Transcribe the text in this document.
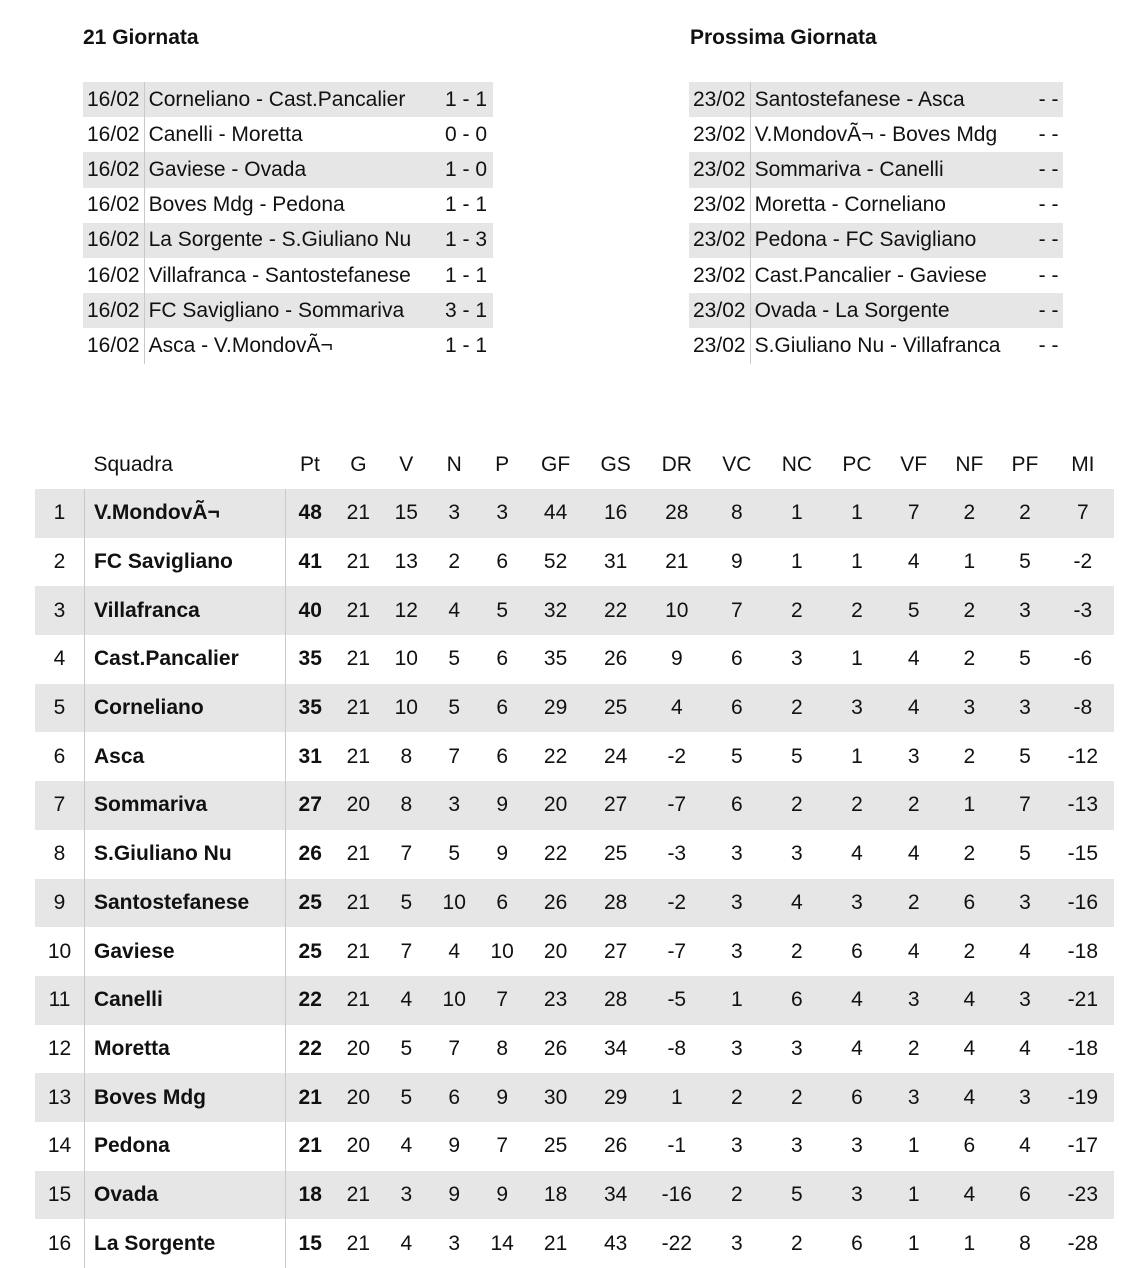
21 Giornata	Prossima Giornata
16/02	Corneliano - Cast.Pancalier	1 - 1
16/02	Canelli - Moretta	0 - 0
16/02	Gaviese - Ovada	1 - 0
16/02	Boves Mdg - Pedona	1 - 1
16/02	La Sorgente - S.Giuliano Nu	1 - 3
16/02	Villafranca - Santostefanese	1 - 1
16/02	FC Savigliano - Sommariva	3 - 1
16/02	Asca - V.MondovÃ¬	1 - 1
23/02	Santostefanese - Asca	- -
23/02	V.MondovÃ¬ - Boves Mdg	- -
23/02	Sommariva - Canelli	- -
23/02	Moretta - Corneliano	- -
23/02	Pedona - FC Savigliano	- -
23/02	Cast.Pancalier - Gaviese	- -
23/02	Ovada - La Sorgente	- -
23/02	S.Giuliano Nu - Villafranca	- -
	Squadra	Pt	G	V	N	P	GF	GS	DR	VC	NC	PC	VF	NF	PF	MI
1	V.MondovÃ¬	48	21	15	3	3	44	16	28	8	1	1	7	2	2	7
2	FC Savigliano	41	21	13	2	6	52	31	21	9	1	1	4	1	5	-2
3	Villafranca	40	21	12	4	5	32	22	10	7	2	2	5	2	3	-3
4	Cast.Pancalier	35	21	10	5	6	35	26	9	6	3	1	4	2	5	-6
5	Corneliano	35	21	10	5	6	29	25	4	6	2	3	4	3	3	-8
6	Asca	31	21	8	7	6	22	24	-2	5	5	1	3	2	5	-12
7	Sommariva	27	20	8	3	9	20	27	-7	6	2	2	2	1	7	-13
8	S.Giuliano Nu	26	21	7	5	9	22	25	-3	3	3	4	4	2	5	-15
9	Santostefanese	25	21	5	10	6	26	28	-2	3	4	3	2	6	3	-16
10	Gaviese	25	21	7	4	10	20	27	-7	3	2	6	4	2	4	-18
11	Canelli	22	21	4	10	7	23	28	-5	1	6	4	3	4	3	-21
12	Moretta	22	20	5	7	8	26	34	-8	3	3	4	2	4	4	-18
13	Boves Mdg	21	20	5	6	9	30	29	1	2	2	6	3	4	3	-19
14	Pedona	21	20	4	9	7	25	26	-1	3	3	3	1	6	4	-17
15	Ovada	18	21	3	9	9	18	34	-16	2	5	3	1	4	6	-23
16	La Sorgente	15	21	4	3	14	21	43	-22	3	2	6	1	1	8	-28
